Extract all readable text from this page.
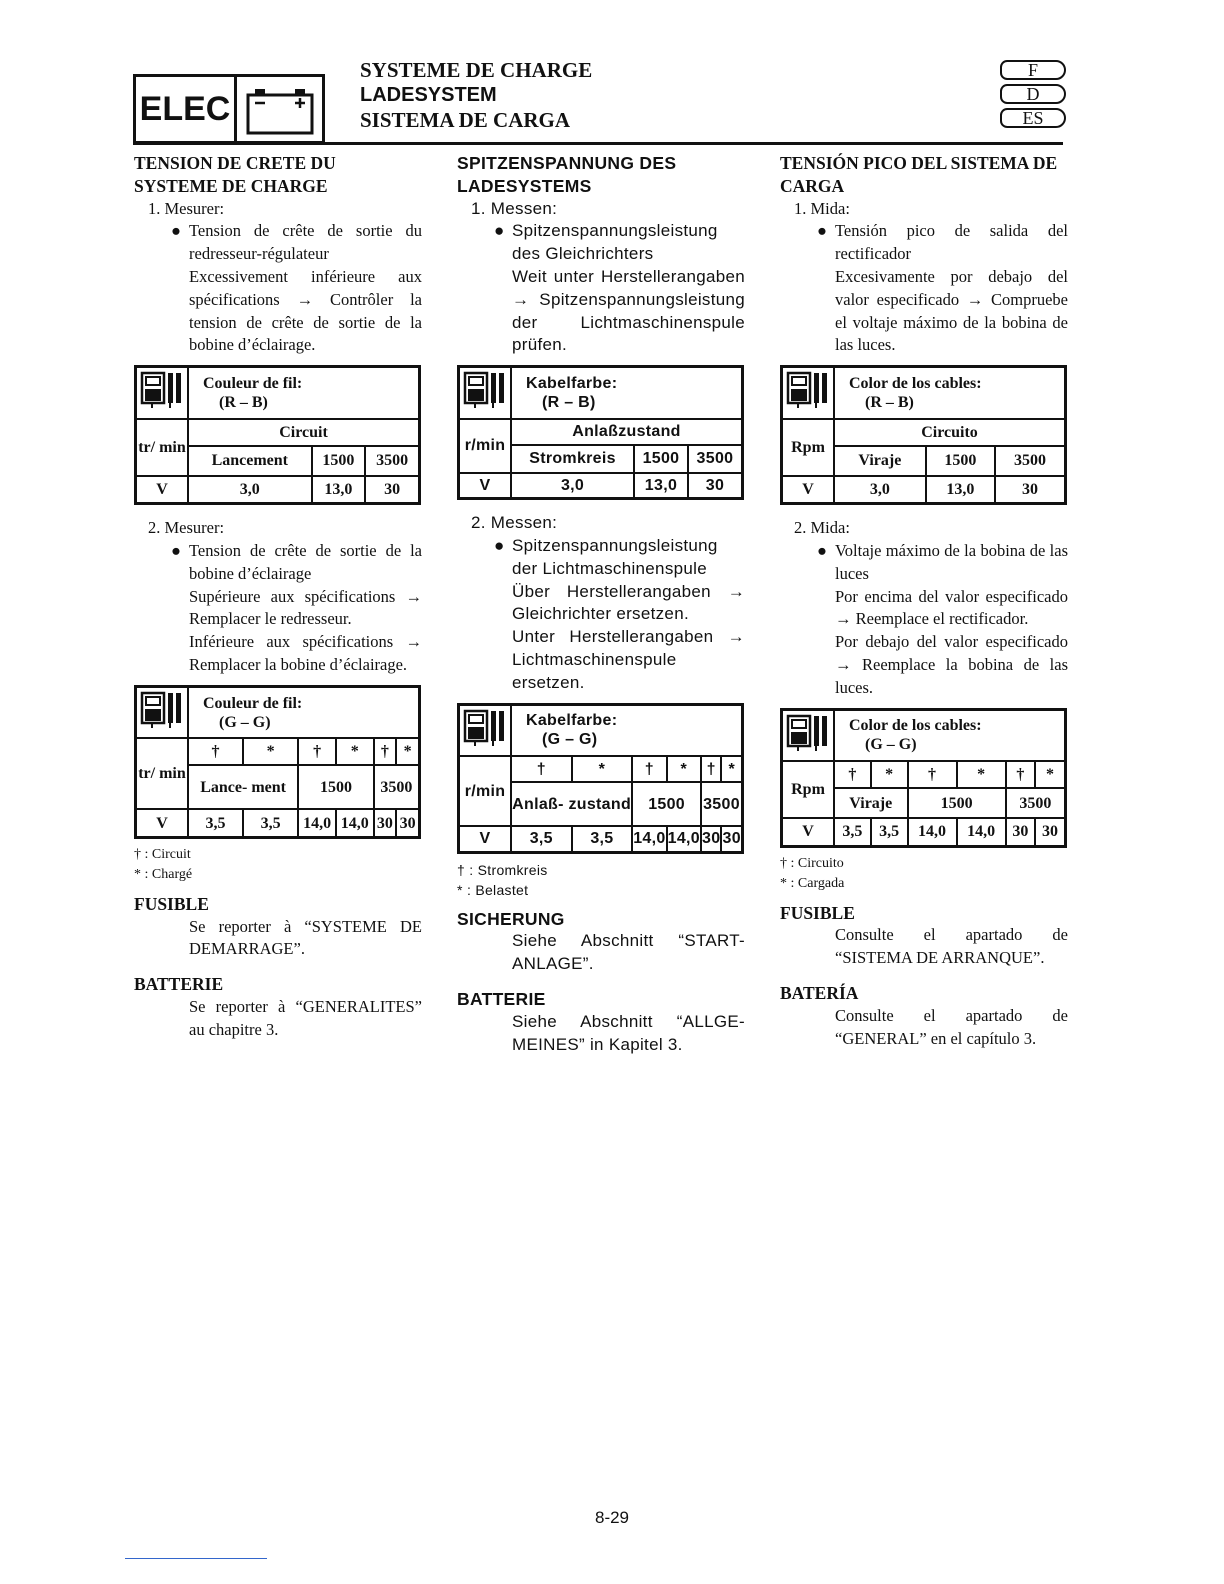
ELEC
SYSTEME DE CHARGE
LADESYSTEM
SISTEMA DE CARGA
F
D
ES

TENSION DE CRETE DU

SYSTEME DE CHARGE

1. Mesurer:

● Tension de crête de sortie du redresseur-régulateur

Excessivement inférieure aux spécifications → Contrôler la tension de crête de sortie de la bobine d’éclairage.

Couleur de fil:
(R – B)		

tr/ min	Circuit		
	Lancement	1500	3500
V	3,0	13,0	30

2. Mesurer:

● Tension de crête de sortie de la bobine d’éclairage

Supérieure aux spécifications → Remplacer le redresseur.

Inférieure aux spécifications → Remplacer la bobine d’éclairage.

Couleur de fil:
(G – G)					

tr/ min	†	*	†	*	†	*
	Lance- ment		1500		3500	
V	3,5	3,5	14,0	14,0	30	30
† : Circuit
* : Chargé

FUSIBLE

Se reporter à “SYSTEME DE DEMARRAGE”.

BATTERIE

Se reporter à “GENERALITES” au chapitre 3.

SPITZENSPANNUNG DES

LADESYSTEMS

1. Messen:

● Spitzenspannungsleistung des Gleichrichters

Weit unter Herstellerangaben → Spitzenspannungsleistung der Lichtmaschinenspule prüfen.

Kabelfarbe:
(R – B)		

r/min	Anlaßzustand		
	Stromkreis	1500	3500
V	3,0	13,0	30

2. Messen:

● Spitzenspannungsleistung der Lichtmaschinenspule

Über Herstellerangaben → Gleichrichter ersetzen.

Unter Herstellerangaben → Lichtmaschinenspule ersetzen.

Kabelfarbe:
(G – G)					

r/min	†	*	†	*	†	*
	Anlaß- zustand		1500		3500	
V	3,5	3,5	14,0	14,0	30	30
† : Stromkreis
* : Belastet

SICHERUNG

Siehe Abschnitt “START-ANLAGE”.

BATTERIE

Siehe Abschnitt “ALLGE-MEINES” in Kapitel 3.

TENSIÓN PICO DEL SISTEMA DE

CARGA

1. Mida:

● Tensión pico de salida del rectificador

Excesivamente por debajo del valor especificado → Compruebe el voltaje máximo de la bobina de las luces.

Color de los cables:
(R – B)		

Rpm	Circuito		
	Viraje	1500	3500
V	3,0	13,0	30

2. Mida:

● Voltaje máximo de la bobina de las luces

Por encima del valor especificado → Reemplace el rectificador.

Por debajo del valor especificado → Reemplace la bobina de las luces.

Color de los cables:
(G – G)					

Rpm	†	*	†	*	†	*
	Viraje		1500		3500	
V	3,5	3,5	14,0	14,0	30	30
† : Circuito
* : Cargada

FUSIBLE

Consulte el apartado de “SISTEMA DE ARRANQUE”.

BATERÍA

Consulte el apartado de “GENERAL” en el capítulo 3.

8-29
